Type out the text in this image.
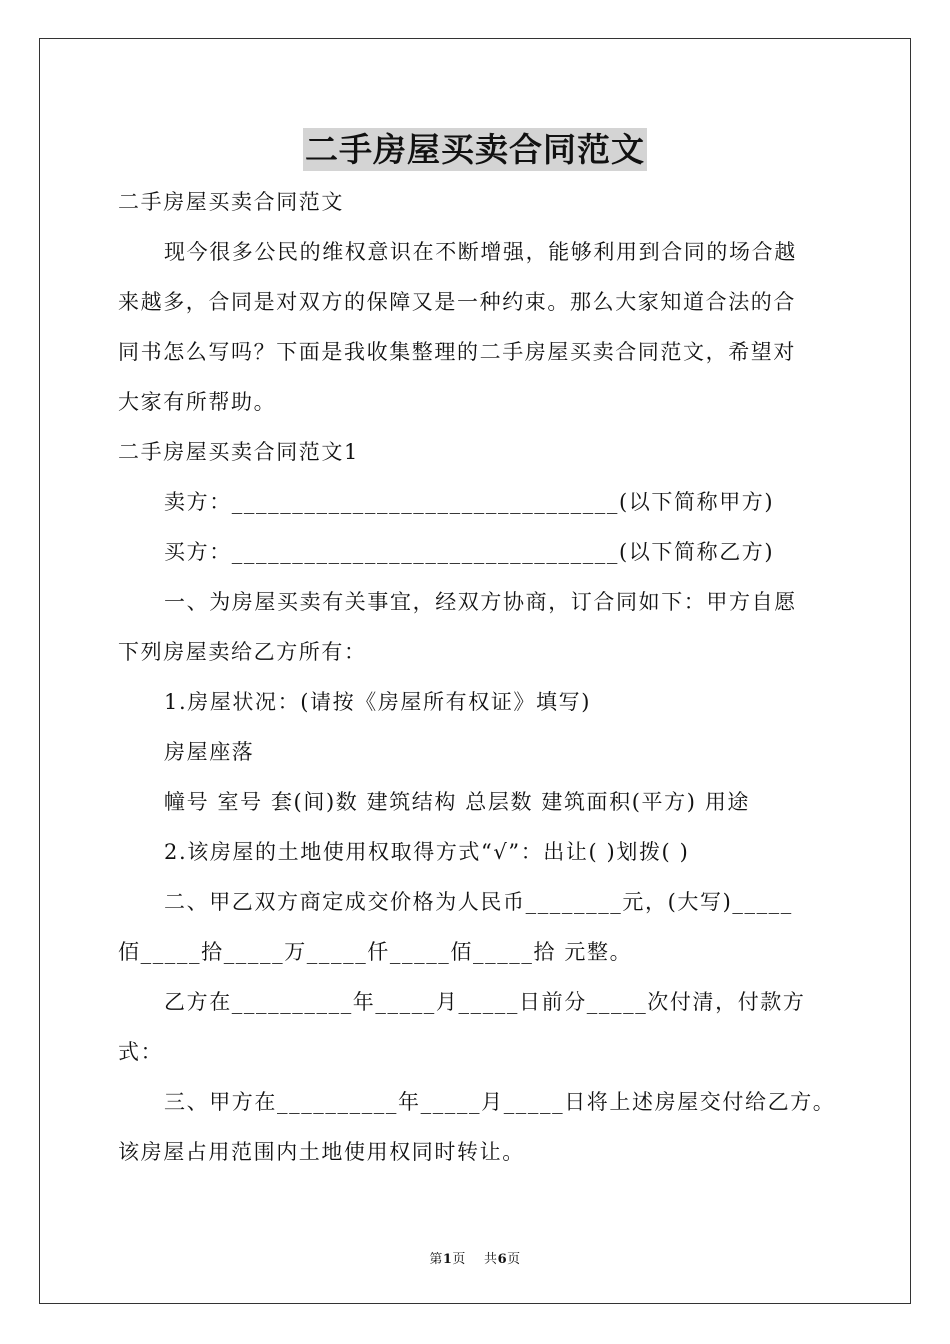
二手房屋买卖合同范文
二手房屋买卖合同范文
现今很多公民的维权意识在不断增强，能够利用到合同的场合越
来越多，合同是对双方的保障又是一种约束。那么大家知道合法的合
同书怎么写吗？下面是我收集整理的二手房屋买卖合同范文，希望对
大家有所帮助。
二手房屋买卖合同范文1
卖方：________________________________(以下简称甲方)
买方：________________________________(以下简称乙方)
一、为房屋买卖有关事宜，经双方协商，订合同如下：甲方自愿
下列房屋卖给乙方所有：
1.房屋状况：(请按《房屋所有权证》填写)
房屋座落
幢号 室号 套(间)数 建筑结构 总层数 建筑面积(平方) 用途
2.该房屋的土地使用权取得方式“√”：出让( )划拨( )
二、甲乙双方商定成交价格为人民币________元，(大写)_____
佰_____拾_____万_____仟_____佰_____拾 元整。
乙方在__________年_____月_____日前分_____次付清，付款方
式：
三、甲方在__________年_____月_____日将上述房屋交付给乙方。
该房屋占用范围内土地使用权同时转让。
第1页　 共6页
